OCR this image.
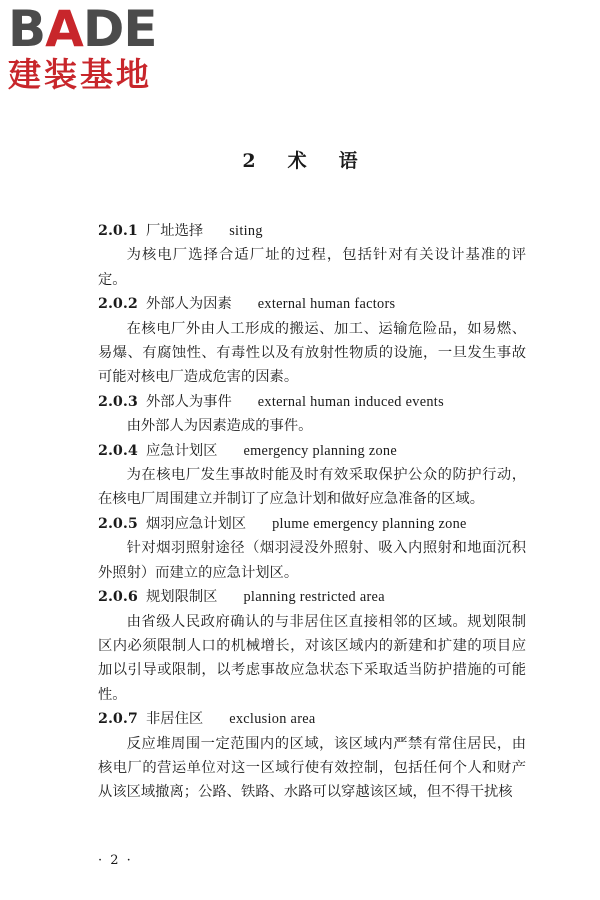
BADE
建装基地
2 术 语
2.0.1 厂址选择 siting
为核电厂选择合适厂址的过程，包括针对有关设计基准的评定。
2.0.2 外部人为因素 external human factors
在核电厂外由人工形成的搬运、加工、运输危险品，如易燃、易爆、有腐蚀性、有毒性以及有放射性物质的设施，一旦发生事故可能对核电厂造成危害的因素。
2.0.3 外部人为事件 external human induced events
由外部人为因素造成的事件。
2.0.4 应急计划区 emergency planning zone
为在核电厂发生事故时能及时有效采取保护公众的防护行动，在核电厂周围建立并制订了应急计划和做好应急准备的区域。
2.0.5 烟羽应急计划区 plume emergency planning zone
针对烟羽照射途径（烟羽浸没外照射、吸入内照射和地面沉积外照射）而建立的应急计划区。
2.0.6 规划限制区 planning restricted area
由省级人民政府确认的与非居住区直接相邻的区域。规划限制区内必须限制人口的机械增长，对该区域内的新建和扩建的项目应加以引导或限制，以考虑事故应急状态下采取适当防护措施的可能性。
2.0.7 非居住区 exclusion area
反应堆周围一定范围内的区域，该区域内严禁有常住居民，由核电厂的营运单位对这一区域行使有效控制，包括任何个人和财产从该区域撤离；公路、铁路、水路可以穿越该区域，但不得干扰核
· 2 ·
